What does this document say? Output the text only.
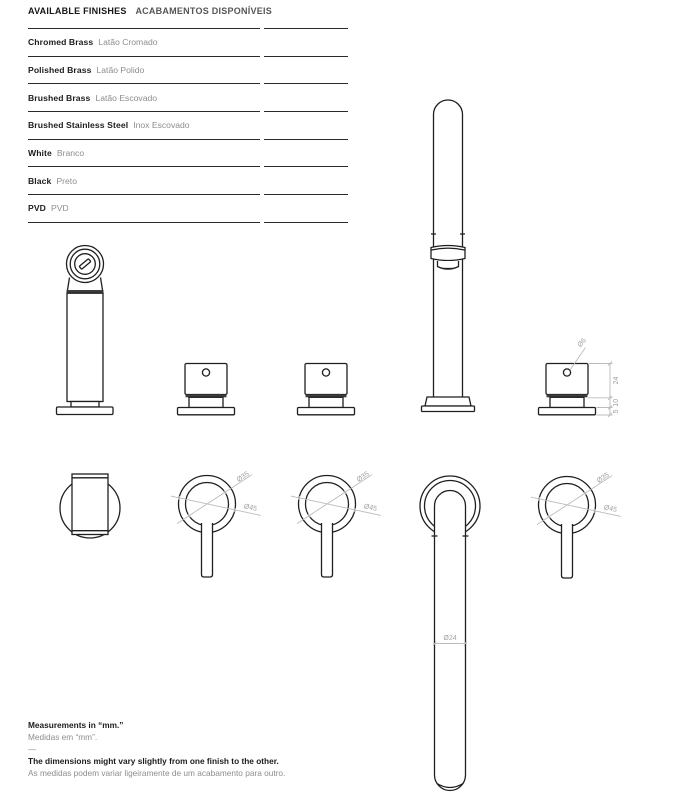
AVAILABLE FINISHES ACABAMENTOS DISPONÍVEIS
Chromed Brass Latão Cromado
Polished Brass Latão Polido
Brushed Brass Latão Escovado
Brushed Stainless Steel Inox Escovado
White Branco
Black Preto
PVD PVD
Ø6
24
10
5
Ø35
Ø45
Ø35
Ø45
Ø24
Ø35
Ø45
Measurements in “mm.”
Medidas em “mm”.
—
The dimensions might vary slightly from one finish to the other.
As medidas podem variar ligeiramente de um acabamento para outro.
